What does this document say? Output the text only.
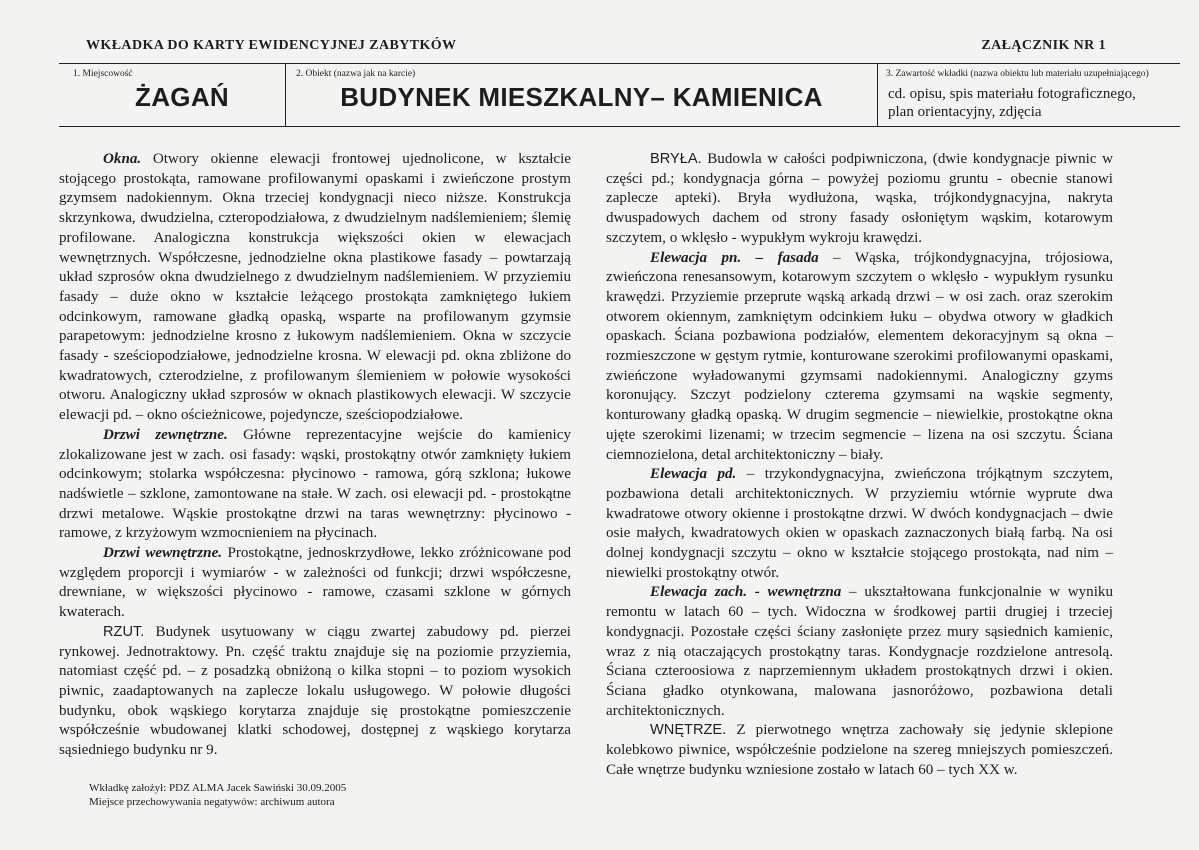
WKŁADKA DO KARTY EWIDENCYJNEJ ZABYTKÓW	ZAŁĄCZNIK NR 1
1. Miejscowość
ŻAGAŃ
2. Obiekt (nazwa jak na karcie)
BUDYNEK MIESZKALNY– KAMIENICA
3. Zawartość wkładki (nazwa obiektu lub materiału uzupełniającego)
cd. opisu, spis materiału fotograficznego,
plan orientacyjny, zdjęcia

Okna. Otwory okienne elewacji frontowej ujednolicone, w kształcie stojącego prostokąta, ramowane profilowanymi opaskami i zwieńczone prostym gzymsem nadokiennym. Okna trzeciej kondygnacji nieco niższe. Konstrukcja skrzynkowa, dwudzielna, czteropodziałowa, z dwudzielnym nadślemieniem; ślemię profilowane. Analogiczna konstrukcja większości okien w elewacjach wewnętrznych. Współczesne, jednodzielne okna plastikowe fasady – powtarzają układ szprosów okna dwudzielnego z dwudzielnym nadślemieniem. W przyziemiu fasady – duże okno w kształcie leżącego prostokąta zamkniętego łukiem odcinkowym, ramowane gładką opaską, wsparte na profilowanym gzymsie parapetowym: jednodzielne krosno z łukowym nadślemieniem. Okna w szczycie fasady - sześciopodziałowe, jednodzielne krosna. W elewacji pd. okna zbliżone do kwadratowych, czterodzielne, z profilowanym ślemieniem w połowie wysokości otworu. Analogiczny układ szprosów w oknach plastikowych elewacji. W szczycie elewacji pd. – okno ościeżnicowe, pojedyncze, sześciopodziałowe.

Drzwi zewnętrzne. Główne reprezentacyjne wejście do kamienicy zlokalizowane jest w zach. osi fasady: wąski, prostokątny otwór zamknięty łukiem odcinkowym; stolarka współczesna: płycinowo - ramowa, górą szklona; łukowe nadświetle – szklone, zamontowane na stałe. W zach. osi elewacji pd. - prostokątne drzwi metalowe. Wąskie prostokątne drzwi na taras wewnętrzny: płycinowo - ramowe, z krzyżowym wzmocnieniem na płycinach.

Drzwi wewnętrzne. Prostokątne, jednoskrzydłowe, lekko zróżnicowane pod względem proporcji i wymiarów - w zależności od funkcji; drzwi współczesne, drewniane, w większości płycinowo - ramowe, czasami szklone w górnych kwaterach.

RZUT. Budynek usytuowany w ciągu zwartej zabudowy pd. pierzei rynkowej. Jednotraktowy. Pn. część traktu znajduje się na poziomie przyziemia, natomiast część pd. – z posadzką obniżoną o kilka stopni – to poziom wysokich piwnic, zaadaptowanych na zaplecze lokalu usługowego. W połowie długości budynku, obok wąskiego korytarza znajduje się prostokątne pomieszczenie współcześnie wbudowanej klatki schodowej, dostępnej z wąskiego korytarza sąsiedniego budynku nr 9.

BRYŁA. Budowla w całości podpiwniczona, (dwie kondygnacje piwnic w części pd.; kondygnacja górna – powyżej poziomu gruntu - obecnie stanowi zaplecze apteki). Bryła wydłużona, wąska, trójkondygnacyjna, nakryta dwuspadowych dachem od strony fasady osłoniętym wąskim, kotarowym szczytem, o wklęsło - wypukłym wykroju krawędzi.

Elewacja pn. – fasada – Wąska, trójkondygnacyjna, trójosiowa, zwieńczona renesansowym, kotarowym szczytem o wklęsło - wypukłym rysunku krawędzi. Przyziemie przeprute wąską arkadą drzwi – w osi zach. oraz szerokim otworem okiennym, zamkniętym odcinkiem łuku – obydwa otwory w gładkich opaskach. Ściana pozbawiona podziałów, elementem dekoracyjnym są okna – rozmieszczone w gęstym rytmie, konturowane szerokimi profilowanymi opaskami, zwieńczone wyładowanymi gzymsami nadokiennymi. Analogiczny gzyms koronujący. Szczyt podzielony czterema gzymsami na wąskie segmenty, konturowany gładką opaską. W drugim segmencie – niewielkie, prostokątne okna ujęte szerokimi lizenami; w trzecim segmencie – lizena na osi szczytu. Ściana ciemnozielona, detal architektoniczny – biały.

Elewacja pd. – trzykondygnacyjna, zwieńczona trójkątnym szczytem, pozbawiona detali architektonicznych. W przyziemiu wtórnie wyprute dwa kwadratowe otwory okienne i prostokątne drzwi. W dwóch kondygnacjach – dwie osie małych, kwadratowych okien w opaskach zaznaczonych białą farbą. Na osi dolnej kondygnacji szczytu – okno w kształcie stojącego prostokąta, nad nim – niewielki prostokątny otwór.

Elewacja zach. - wewnętrzna – ukształtowana funkcjonalnie w wyniku remontu w latach 60 – tych. Widoczna w środkowej partii drugiej i trzeciej kondygnacji. Pozostałe części ściany zasłonięte przez mury sąsiednich kamienic, wraz z nią otaczających prostokątny taras. Kondygnacje rozdzielone antresolą. Ściana czteroosiowa z naprzemiennym układem prostokątnych drzwi i okien. Ściana gładko otynkowana, malowana jasnoróżowo, pozbawiona detali architektonicznych.

WNĘTRZE. Z pierwotnego wnętrza zachowały się jedynie sklepione kolebkowo piwnice, współcześnie podzielone na szereg mniejszych pomieszczeń. Całe wnętrze budynku wzniesione zostało w latach 60 – tych XX w.

Wkładkę założył: PDZ ALMA Jacek Sawiński 30.09.2005
Miejsce przechowywania negatywów: archiwum autora
